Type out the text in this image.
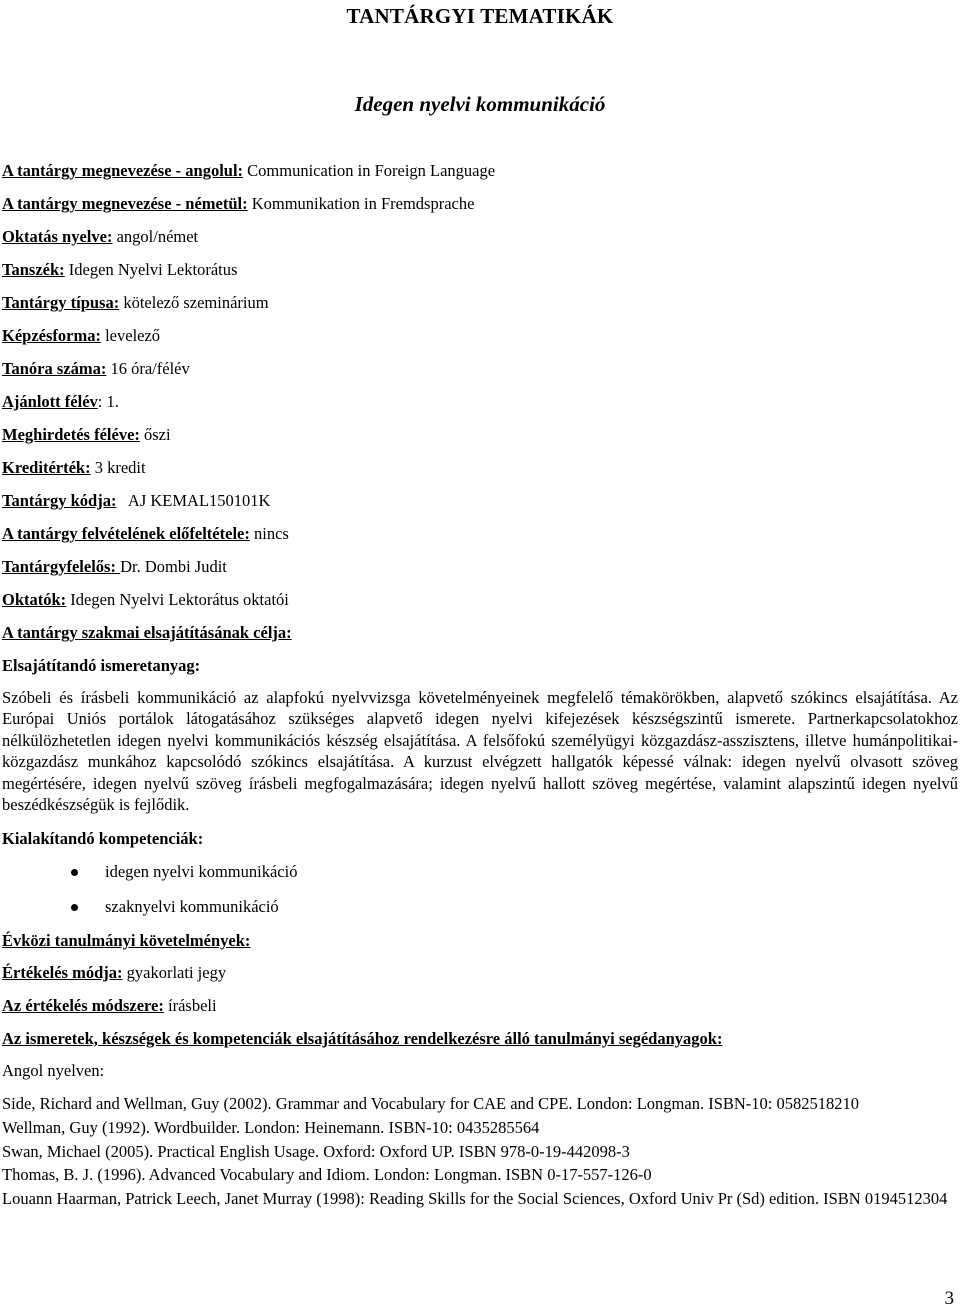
TANTÁRGYI TEMATIKÁK
Idegen nyelvi kommunikáció
A tantárgy megnevezése - angolul: Communication in Foreign Language
A tantárgy megnevezése - németül: Kommunikation in Fremdsprache
Oktatás nyelve: angol/német
Tanszék: Idegen Nyelvi Lektorátus
Tantárgy típusa: kötelező szeminárium
Képzésforma: levelező
Tanóra száma: 16 óra/félév
Ajánlott félév: 1.
Meghirdetés féléve: őszi
Kreditérték: 3 kredit
Tantárgy kódja:   AJ KEMAL150101K
A tantárgy felvételének előfeltétele: nincs
Tantárgyfelelős: Dr. Dombi Judit
Oktatók: Idegen Nyelvi Lektorátus oktatói
A tantárgy szakmai elsajátításának célja:
Elsajátítandó ismeretanyag:

Szóbeli és írásbeli kommunikáció az alapfokú nyelvvizsga követelményeinek megfelelő témakörökben, alapvető szókincs elsajátítása. Az Európai Uniós portálok látogatásához szükséges alapvető idegen nyelvi kifejezések készségszintű ismerete. Partnerkapcsolatokhoz nélkülözhetetlen idegen nyelvi kommunikációs készség elsajátítása. A felsőfokú személyügyi közgazdász-asszisztens, illetve humánpolitikai-közgazdász munkához kapcsolódó szókincs elsajátítása. A kurzust elvégzett hallgatók képessé válnak: idegen nyelvű olvasott szöveg megértésére, idegen nyelvű szöveg írásbeli megfogalmazására; idegen nyelvű hallott szöveg megértése, valamint alapszintű idegen nyelvű beszédkészségük is fejlődik.

Kialakítandó kompetenciák:
idegen nyelvi kommunikáció
szaknyelvi kommunikáció
Évközi tanulmányi követelmények:
Értékelés módja: gyakorlati jegy
Az értékelés módszere: írásbeli
Az ismeretek, készségek és kompetenciák elsajátításához rendelkezésre álló tanulmányi segédanyagok:
Angol nyelven:
Side, Richard and Wellman, Guy (2002). Grammar and Vocabulary for CAE and CPE. London: Longman. ISBN-10: 0582518210
Wellman, Guy (1992). Wordbuilder. London: Heinemann. ISBN-10: 0435285564
Swan, Michael (2005). Practical English Usage. Oxford: Oxford UP. ISBN 978-0-19-442098-3
Thomas, B. J. (1996). Advanced Vocabulary and Idiom. London: Longman. ISBN 0-17-557-126-0
Louann Haarman, Patrick Leech, Janet Murray (1998): Reading Skills for the Social Sciences, Oxford Univ Pr (Sd) edition. ISBN 0194512304
3
